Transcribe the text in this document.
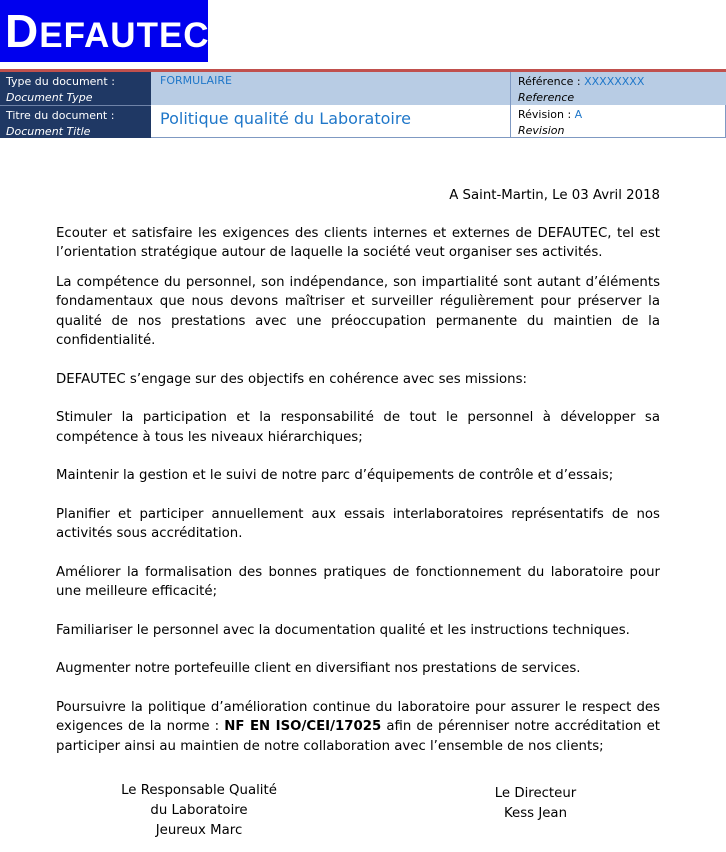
D EFAUTEC
Type du document :
Document Type
FORMULAIRE	Référence : XXXXXXXX
Reference
Titre du document :
Document Title
Politique qualité du Laboratoire	Révision : A
Revision
A Saint-Martin, Le 03 Avril 2018

Ecouter et satisfaire les exigences des clients internes et externes de DEFAUTEC, tel est l’orientation stratégique autour de laquelle la société veut organiser ses activités.

La compétence du personnel, son indépendance, son impartialité sont autant d’éléments fondamentaux que nous devons maîtriser et surveiller régulièrement pour préserver la qualité de nos prestations avec une préoccupation permanente du maintien de la confidentialité.

DEFAUTEC s’engage sur des objectifs en cohérence avec ses missions:

Stimuler la participation et la responsabilité de tout le personnel à développer sa compétence à tous les niveaux hiérarchiques;

Maintenir la gestion et le suivi de notre parc d’équipements de contrôle et d’essais;

Planifier et participer annuellement aux essais interlaboratoires représentatifs de nos activités sous accréditation.

Améliorer la formalisation des bonnes pratiques de fonctionnement du laboratoire pour une meilleure efficacité;

Familiariser le personnel avec la documentation qualité et les instructions techniques.

Augmenter notre portefeuille client en diversifiant nos prestations de services.

Poursuivre la politique d’amélioration continue du laboratoire pour assurer le respect des exigences de la norme : NF EN ISO/CEI/17025 afin de pérenniser notre accréditation et participer ainsi au maintien de notre collaboration avec l’ensemble de nos clients;

Le Responsable Qualité
du Laboratoire
Jeureux Marc
Le Directeur
Kess Jean
